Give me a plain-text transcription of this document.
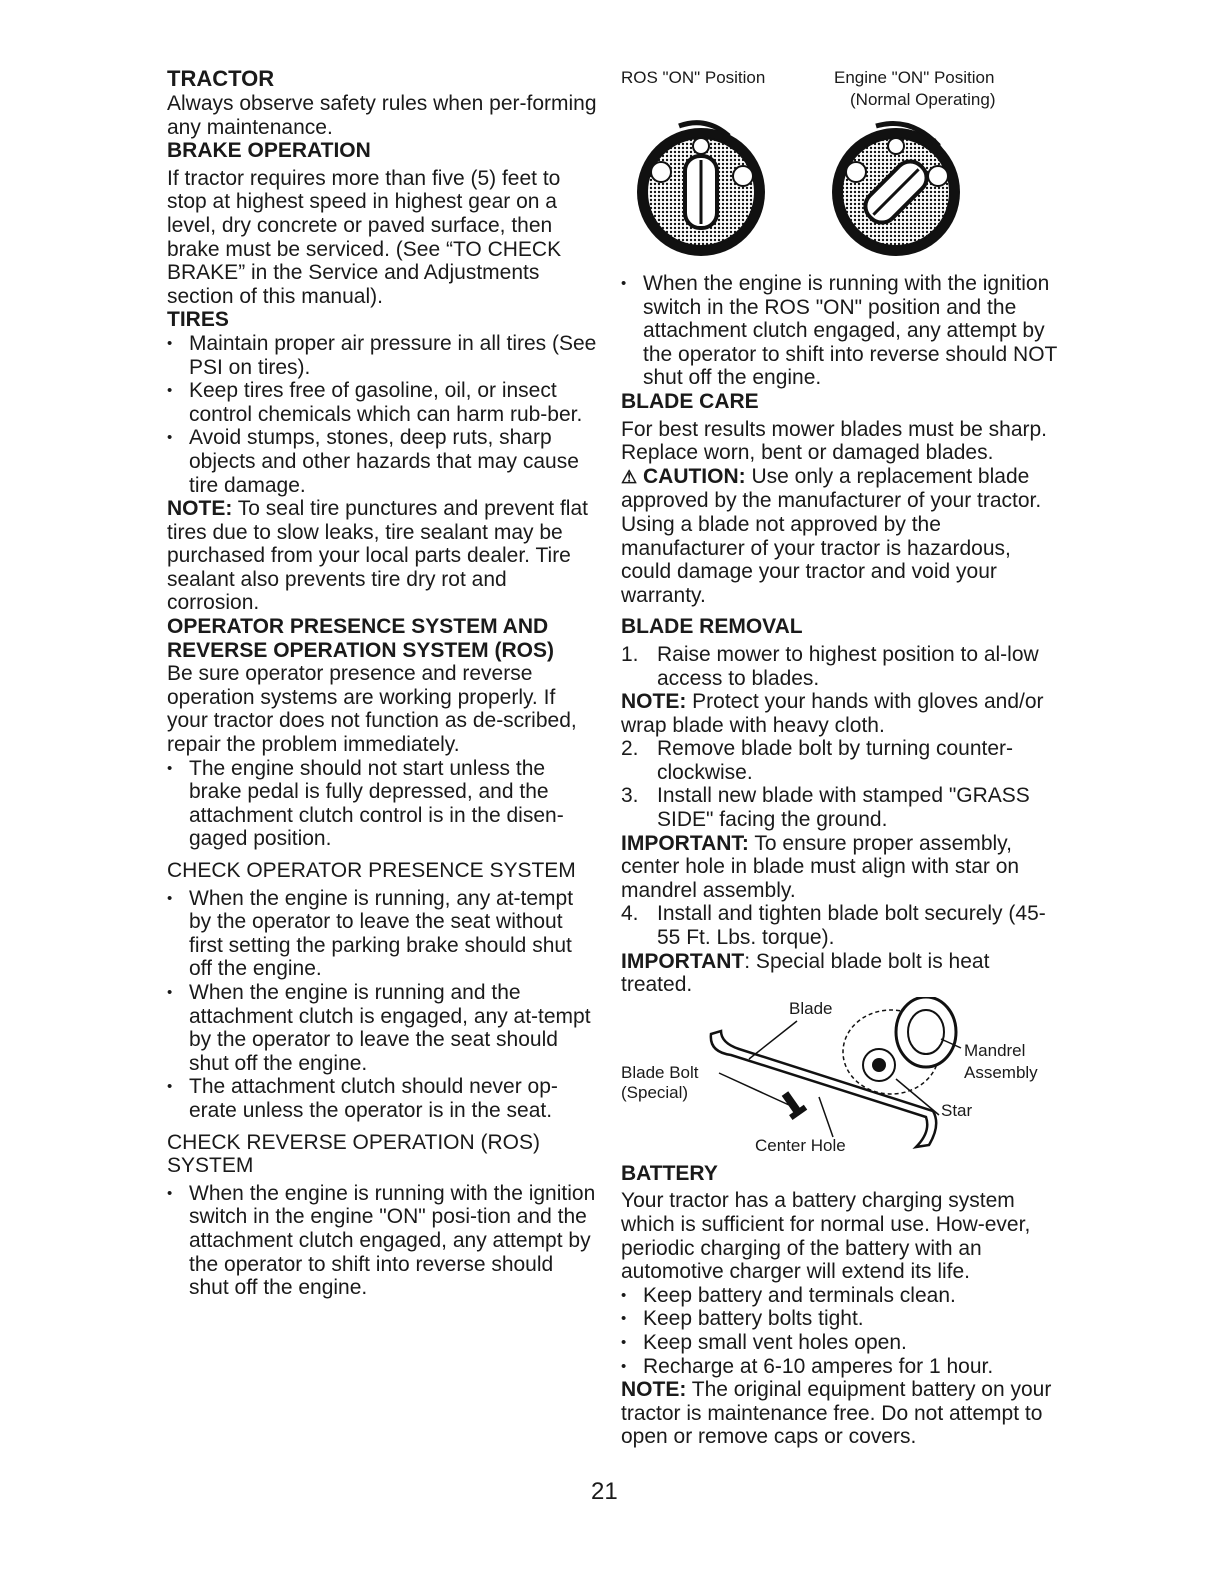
TRACTOR

Always observe safety rules when per-forming any maintenance.

BRAKE OPERATION

If tractor requires more than five (5) feet to stop at highest speed in highest gear on a level, dry concrete or paved surface, then brake must be serviced. (See “TO CHECK BRAKE” in the Service and Adjustments section of this manual).

TIRES
• Maintain proper air pressure in all tires (See PSI on tires).
• Keep tires free of gasoline, oil, or insect control chemicals which can harm rub-ber.
• Avoid stumps, stones, deep ruts, sharp objects and other hazards that may cause tire damage.

NOTE: To seal tire punctures and prevent flat tires due to slow leaks, tire sealant may be purchased from your local parts dealer. Tire sealant also prevents tire dry rot and corrosion.

OPERATOR PRESENCE SYSTEM AND REVERSE OPERATION SYSTEM (ROS)

Be sure operator presence and reverse operation systems are working properly. If your tractor does not function as de-scribed, repair the problem immediately.

• The engine should not start unless the brake pedal is fully depressed, and the attachment clutch control is in the disen-gaged position.

CHECK OPERATOR PRESENCE SYSTEM

• When the engine is running, any at-tempt by the operator to leave the seat without first setting the parking brake should shut off the engine.
• When the engine is running and the attachment clutch is engaged, any at-tempt by the operator to leave the seat should shut off the engine.
• The attachment clutch should never op-erate unless the operator is in the seat.

CHECK REVERSE OPERATION (ROS) SYSTEM

• When the engine is running with the ignition switch in the engine "ON" posi-tion and the attachment clutch engaged, any attempt by the operator to shift into reverse should shut off the engine.
ROS "ON" Position	Engine "ON" Position
(Normal Operating)
• When the engine is running with the ignition switch in the ROS "ON" position and the attachment clutch engaged, any attempt by the operator to shift into reverse should NOT shut off the engine.
BLADE CARE

For best results mower blades must be sharp. Replace worn, bent or damaged blades.

⚠ CAUTION: Use only a replacement blade approved by the manufacturer of your tractor. Using a blade not approved by the manufacturer of your tractor is hazardous, could damage your tractor and void your warranty.

BLADE REMOVAL
1. Raise mower to highest position to al-low access to blades.

NOTE: Protect your hands with gloves and/or wrap blade with heavy cloth.

2. Remove blade bolt by turning counter-clockwise.
3. Install new blade with stamped "GRASS SIDE" facing the ground.

IMPORTANT: To ensure proper assembly, center hole in blade must align with star on mandrel assembly.

4. Install and tighten blade bolt securely (45-55 Ft. Lbs. torque).

IMPORTANT: Special blade bolt is heat treated.

Blade
Blade Bolt
(Special)
Mandrel
Assembly
Star
Center Hole
BATTERY

Your tractor has a battery charging system which is sufficient for normal use. How-ever, periodic charging of the battery with an automotive charger will extend its life.

• Keep battery and terminals clean.
• Keep battery bolts tight.
• Keep small vent holes open.
• Recharge at 6-10 amperes for 1 hour.

NOTE: The original equipment battery on your tractor is maintenance free. Do not attempt to open or remove caps or covers.

21
